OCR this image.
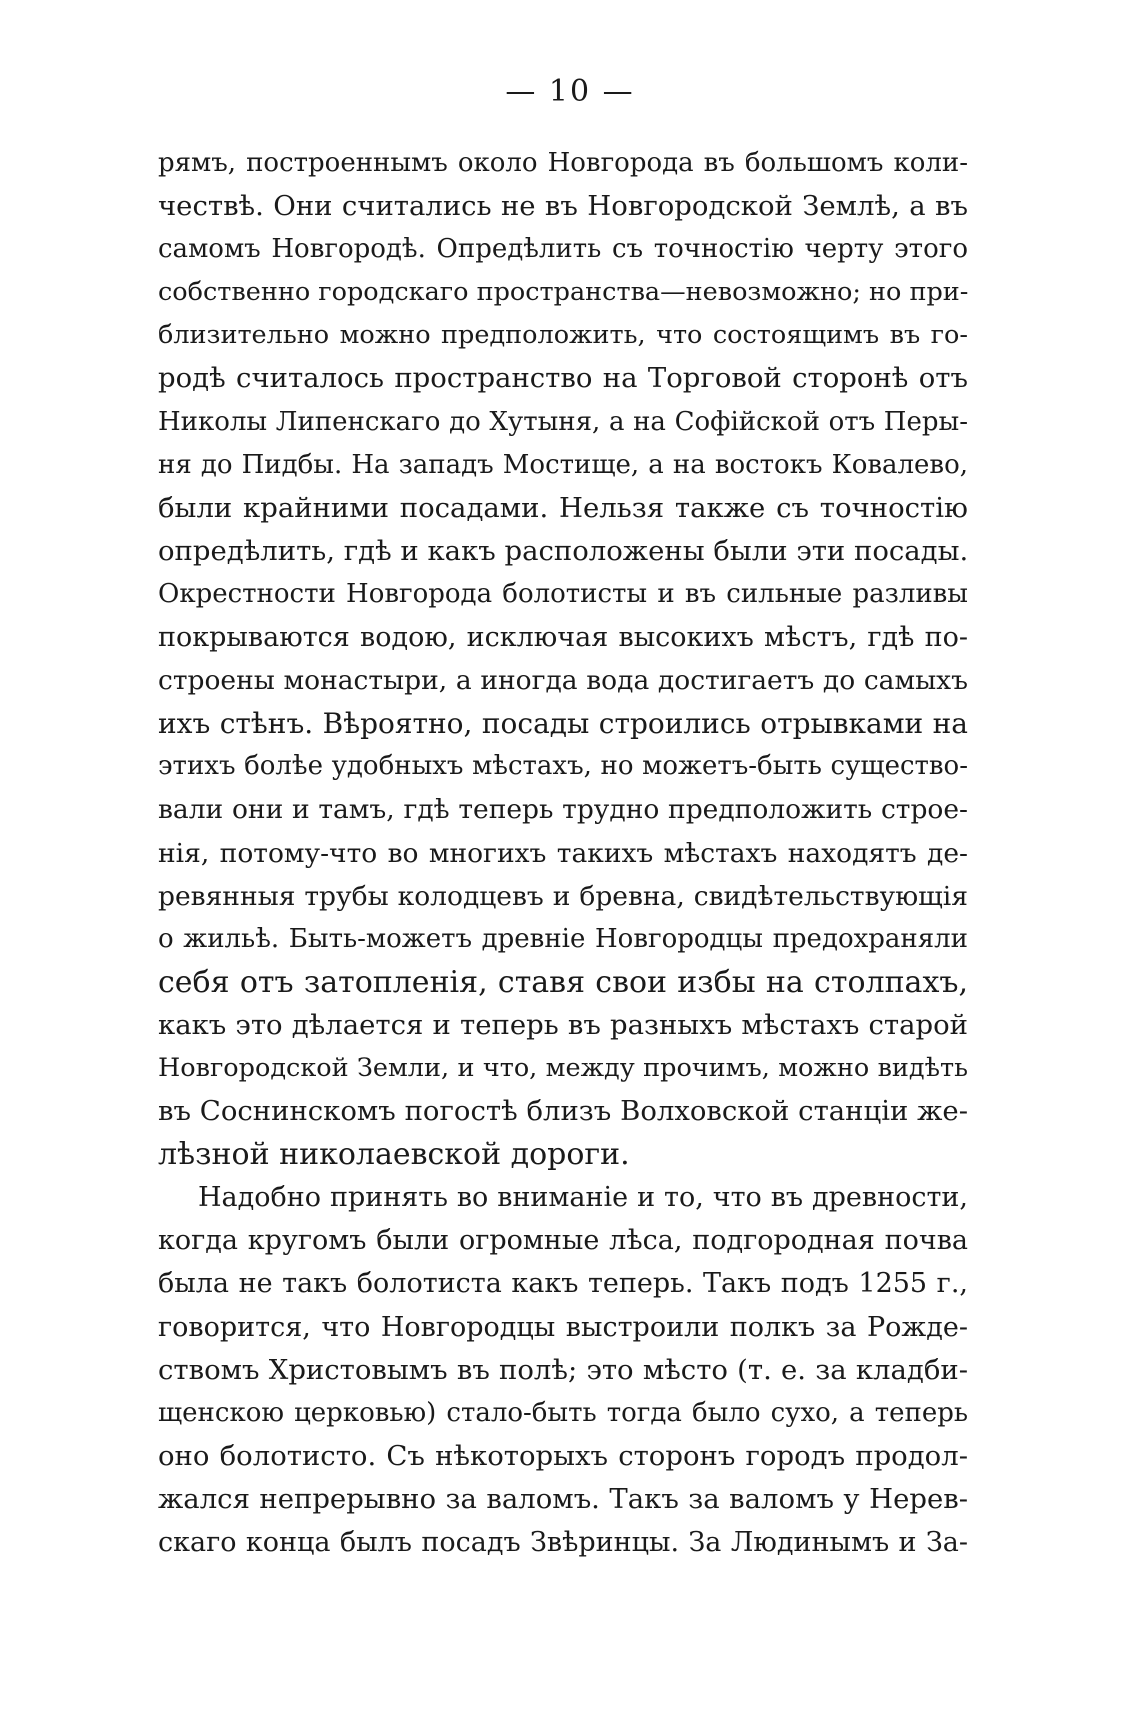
— 10 —
рямъ, построеннымъ около Новгорода въ большомъ коли-
чествѣ. Они считались не въ Новгородской Землѣ, а въ
самомъ Новгородѣ. Опредѣлить съ точностію черту этого
собственно городскаго пространства—невозможно; но при-
близительно можно предположить, что состоящимъ въ го-
родѣ считалось пространство на Торговой сторонѣ отъ
Николы Липенскаго до Хутыня, а на Софійской отъ Перы-
ня до Пидбы. На западъ Мостище, а на востокъ Ковалево,
были крайними посадами. Нельзя также съ точностію
опредѣлить, гдѣ и какъ расположены были эти посады.
Окрестности Новгорода болотисты и въ сильные разливы
покрываются водою, исключая высокихъ мѣстъ, гдѣ по-
строены монастыри, а иногда вода достигаетъ до самыхъ
ихъ стѣнъ. Вѣроятно, посады строились отрывками на
этихъ болѣе удобныхъ мѣстахъ, но можетъ-быть существо-
вали они и тамъ, гдѣ теперь трудно предположить строе-
нія, потому-что во многихъ такихъ мѣстахъ находятъ де-
ревянныя трубы колодцевъ и бревна, свидѣтельствующія
о жильѣ. Быть-можетъ древніе Новгородцы предохраняли
себя отъ затопленія, ставя свои избы на столпахъ,
какъ это дѣлается и теперь въ разныхъ мѣстахъ старой
Новгородской Земли, и что, между прочимъ, можно видѣть
въ Соснинскомъ погостѣ близъ Волховской станціи же-
лѣзной николаевской дороги.
Надобно принять во вниманіе и то, что въ древности,
когда кругомъ были огромные лѣса, подгородная почва
была не такъ болотиста какъ теперь. Такъ подъ 1255 г.,
говорится, что Новгородцы выстроили полкъ за Рожде-
ствомъ Христовымъ въ полѣ; это мѣсто (т. е. за кладби-
щенскою церковью) стало-быть тогда было сухо, а теперь
оно болотисто. Съ нѣкоторыхъ сторонъ городъ продол-
жался непрерывно за валомъ. Такъ за валомъ у Нерев-
скаго конца былъ посадъ Звѣринцы. За Людинымъ и За-
